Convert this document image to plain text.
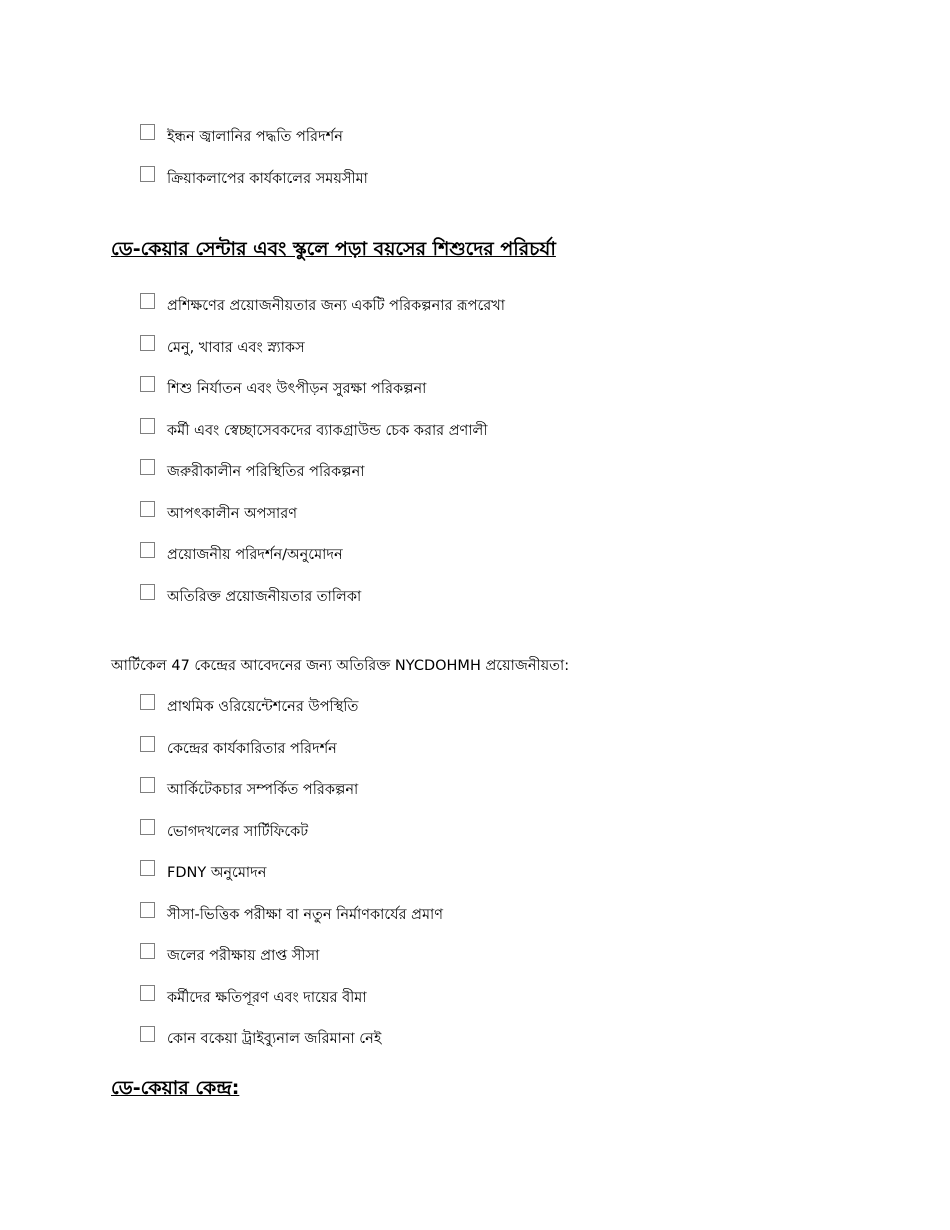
ইন্ধন জ্বালানির পদ্ধতি পরিদর্শন
ক্রিয়াকলাপের কার্যকালের সময়সীমা
ডে-কেয়ার সেন্টার এবং স্কুলে পড়া বয়সের শিশুদের পরিচর্যা
প্রশিক্ষণের প্রয়োজনীয়তার জন্য একটি পরিকল্পনার রূপরেখা
মেনু, খাবার এবং স্ন্যাকস
শিশু নির্যাতন এবং উৎপীড়ন সুরক্ষা পরিকল্পনা
কর্মী এবং স্বেচ্ছাসেবকদের ব্যাকগ্রাউন্ড চেক করার প্রণালী
জরুরীকালীন পরিস্থিতির পরিকল্পনা
আপৎকালীন অপসারণ
প্রয়োজনীয় পরিদর্শন/অনুমোদন
অতিরিক্ত প্রয়োজনীয়তার তালিকা
আর্টিকেল 47 কেন্দ্রের আবেদনের জন্য অতিরিক্ত NYCDOHMH প্রয়োজনীয়তা:
প্রাথমিক ওরিয়েন্টেশনের উপস্থিতি
কেন্দ্রের কার্যকারিতার পরিদর্শন
আর্কিটেকচার সম্পর্কিত পরিকল্পনা
ভোগদখলের সার্টিফিকেট
FDNY অনুমোদন
সীসা-ভিত্তিক পরীক্ষা বা নতুন নির্মাণকার্যের প্রমাণ
জলের পরীক্ষায় প্রাপ্ত সীসা
কর্মীদের ক্ষতিপূরণ এবং দায়ের বীমা
কোন বকেয়া ট্রাইব্যুনাল জরিমানা নেই
ডে-কেয়ার কেন্দ্র:
